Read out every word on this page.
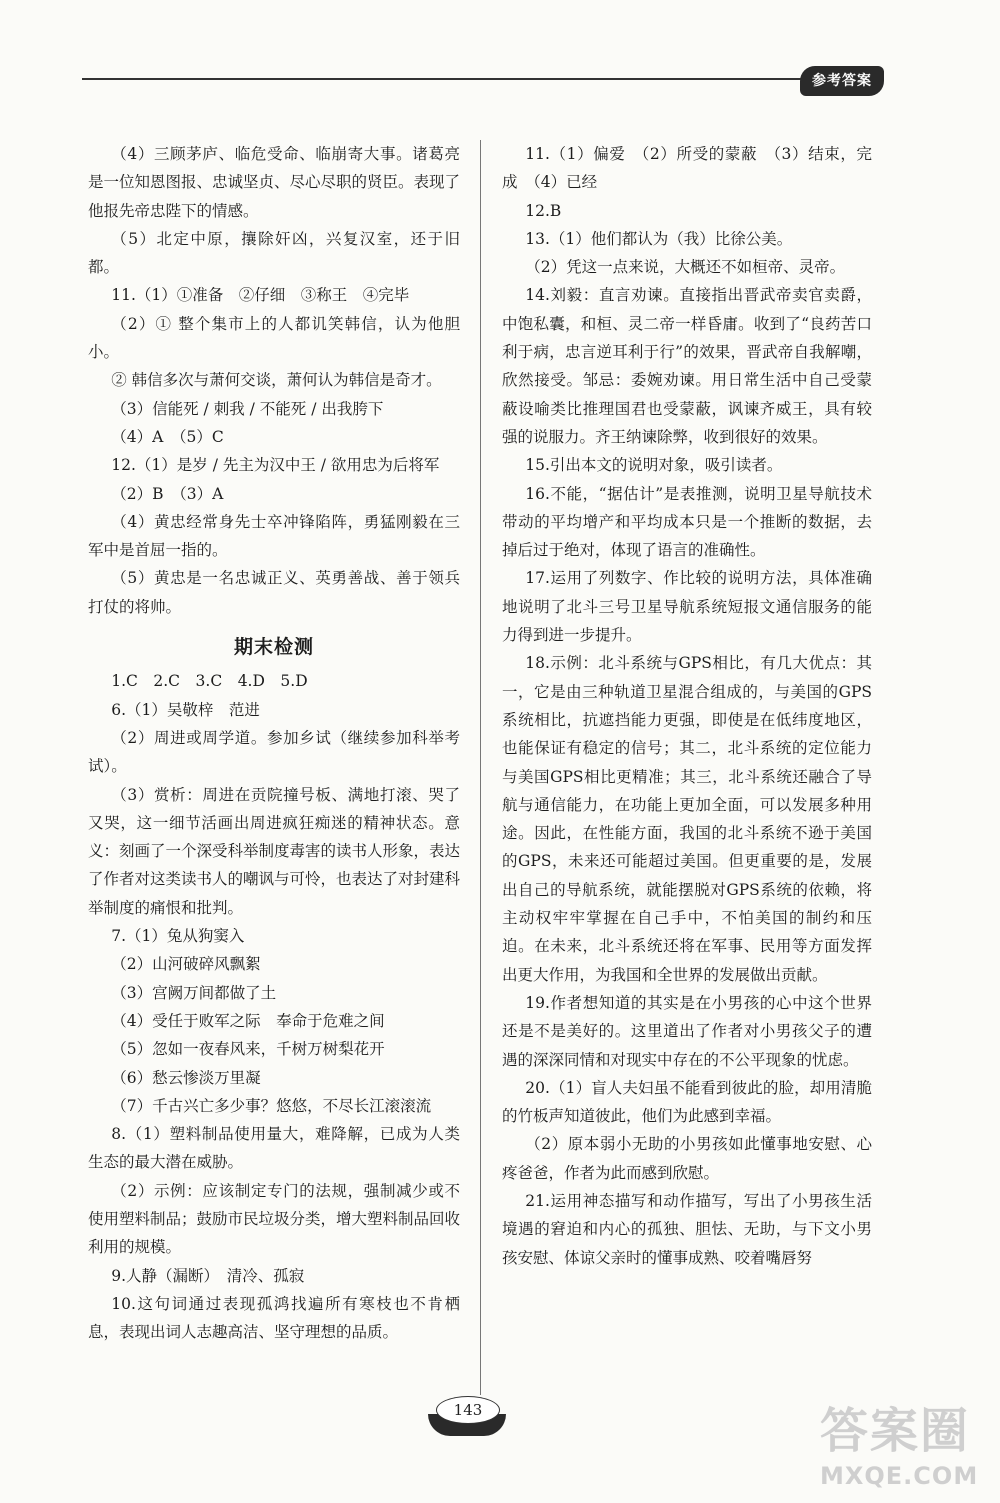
参考答案

（4）三顾茅庐、临危受命、临崩寄大事。诸葛亮是一位知恩图报、忠诚坚贞、尽心尽职的贤臣。表现了他报先帝忠陛下的情感。

（5）北定中原，攘除奸凶，兴复汉室，还于旧都。

11.（1）①准备　②仔细　③称王　④完毕

（2）① 整个集市上的人都讥笑韩信，认为他胆小。

② 韩信多次与萧何交谈，萧何认为韩信是奇才。

（3）信能死 / 刺我 / 不能死 / 出我胯下

（4）A　（5）C

12.（1）是岁 / 先主为汉中王 / 欲用忠为后将军

（2）B　（3）A

（4）黄忠经常身先士卒冲锋陷阵，勇猛刚毅在三军中是首屈一指的。

（5）黄忠是一名忠诚正义、英勇善战、善于领兵打仗的将帅。

期末检测

1.C　2.C　3.C　4.D　5.D

6.（1）吴敬梓　范进

（2）周进或周学道。参加乡试（继续参加科举考试）。

（3）赏析：周进在贡院撞号板、满地打滚、哭了又哭，这一细节活画出周进疯狂痴迷的精神状态。意义：刻画了一个深受科举制度毒害的读书人形象，表达了作者对这类读书人的嘲讽与可怜，也表达了对封建科举制度的痛恨和批判。

7.（1）兔从狗窦入

（2）山河破碎风飘絮

（3）宫阙万间都做了土

（4）受任于败军之际　奉命于危难之间

（5）忽如一夜春风来，千树万树梨花开

（6）愁云惨淡万里凝

（7）千古兴亡多少事？悠悠，不尽长江滚滚流

8.（1）塑料制品使用量大，难降解，已成为人类生态的最大潜在威胁。

（2）示例：应该制定专门的法规，强制减少或不使用塑料制品；鼓励市民垃圾分类，增大塑料制品回收利用的规模。

9.人静（漏断）　清冷、孤寂

10.这句词通过表现孤鸿找遍所有寒枝也不肯栖息，表现出词人志趣高洁、坚守理想的品质。

11.（1）偏爱　（2）所受的蒙蔽　（3）结束，完成　（4）已经

12.B

13.（1）他们都认为（我）比徐公美。

（2）凭这一点来说，大概还不如桓帝、灵帝。

14.刘毅：直言劝谏。直接指出晋武帝卖官卖爵，中饱私囊，和桓、灵二帝一样昏庸。收到了“良药苦口利于病，忠言逆耳利于行”的效果，晋武帝自我解嘲，欣然接受。邹忌：委婉劝谏。用日常生活中自己受蒙蔽设喻类比推理国君也受蒙蔽，讽谏齐威王，具有较强的说服力。齐王纳谏除弊，收到很好的效果。

15.引出本文的说明对象，吸引读者。

16.不能，“据估计”是表推测，说明卫星导航技术带动的平均增产和平均成本只是一个推断的数据，去掉后过于绝对，体现了语言的准确性。

17.运用了列数字、作比较的说明方法，具体准确地说明了北斗三号卫星导航系统短报文通信服务的能力得到进一步提升。

18.示例：北斗系统与GPS相比，有几大优点：其一，它是由三种轨道卫星混合组成的，与美国的GPS系统相比，抗遮挡能力更强，即使是在低纬度地区，也能保证有稳定的信号；其二，北斗系统的定位能力与美国GPS相比更精准；其三，北斗系统还融合了导航与通信能力，在功能上更加全面，可以发展多种用途。因此，在性能方面，我国的北斗系统不逊于美国的GPS，未来还可能超过美国。但更重要的是，发展出自己的导航系统，就能摆脱对GPS系统的依赖，将主动权牢牢掌握在自己手中，不怕美国的制约和压迫。在未来，北斗系统还将在军事、民用等方面发挥出更大作用，为我国和全世界的发展做出贡献。

19.作者想知道的其实是在小男孩的心中这个世界还是不是美好的。这里道出了作者对小男孩父子的遭遇的深深同情和对现实中存在的不公平现象的忧虑。

20.（1）盲人夫妇虽不能看到彼此的脸，却用清脆的竹板声知道彼此，他们为此感到幸福。

（2）原本弱小无助的小男孩如此懂事地安慰、心疼爸爸，作者为此而感到欣慰。

21.运用神态描写和动作描写，写出了小男孩生活境遇的窘迫和内心的孤独、胆怯、无助，与下文小男孩安慰、体谅父亲时的懂事成熟、咬着嘴唇努

143	答案圈
MXQE.COM
